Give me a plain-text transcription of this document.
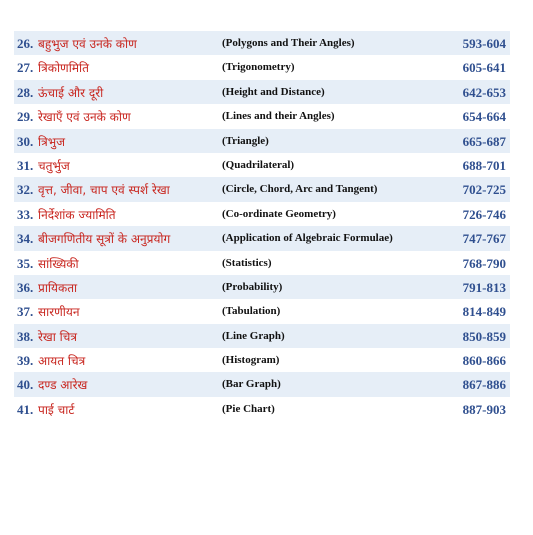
26. बहुभुज एवं उनके कोण	(Polygons and Their Angles)	593-604
27. त्रिकोणमिति	(Trigonometry)	605-641
28. ऊंचाई और दूरी	(Height and Distance)	642-653
29. रेखाएँ एवं उनके कोण	(Lines and their Angles)	654-664
30. त्रिभुज	(Triangle)	665-687
31. चतुर्भुज	(Quadrilateral)	688-701
32. वृत्त, जीवा, चाप एवं स्पर्श रेखा	(Circle, Chord, Arc and Tangent)	702-725
33. निर्देशांक ज्यामिति	(Co-ordinate Geometry)	726-746
34. बीजगणितीय सूत्रों के अनुप्रयोग	(Application of Algebraic Formulae)	747-767
35. सांख्यिकी	(Statistics)	768-790
36. प्रायिकता	(Probability)	791-813
37. सारणीयन	(Tabulation)	814-849
38. रेखा चित्र	(Line Graph)	850-859
39. आयत चित्र	(Histogram)	860-866
40. दण्ड आरेख	(Bar Graph)	867-886
41. पाई चार्ट	(Pie Chart)	887-903
